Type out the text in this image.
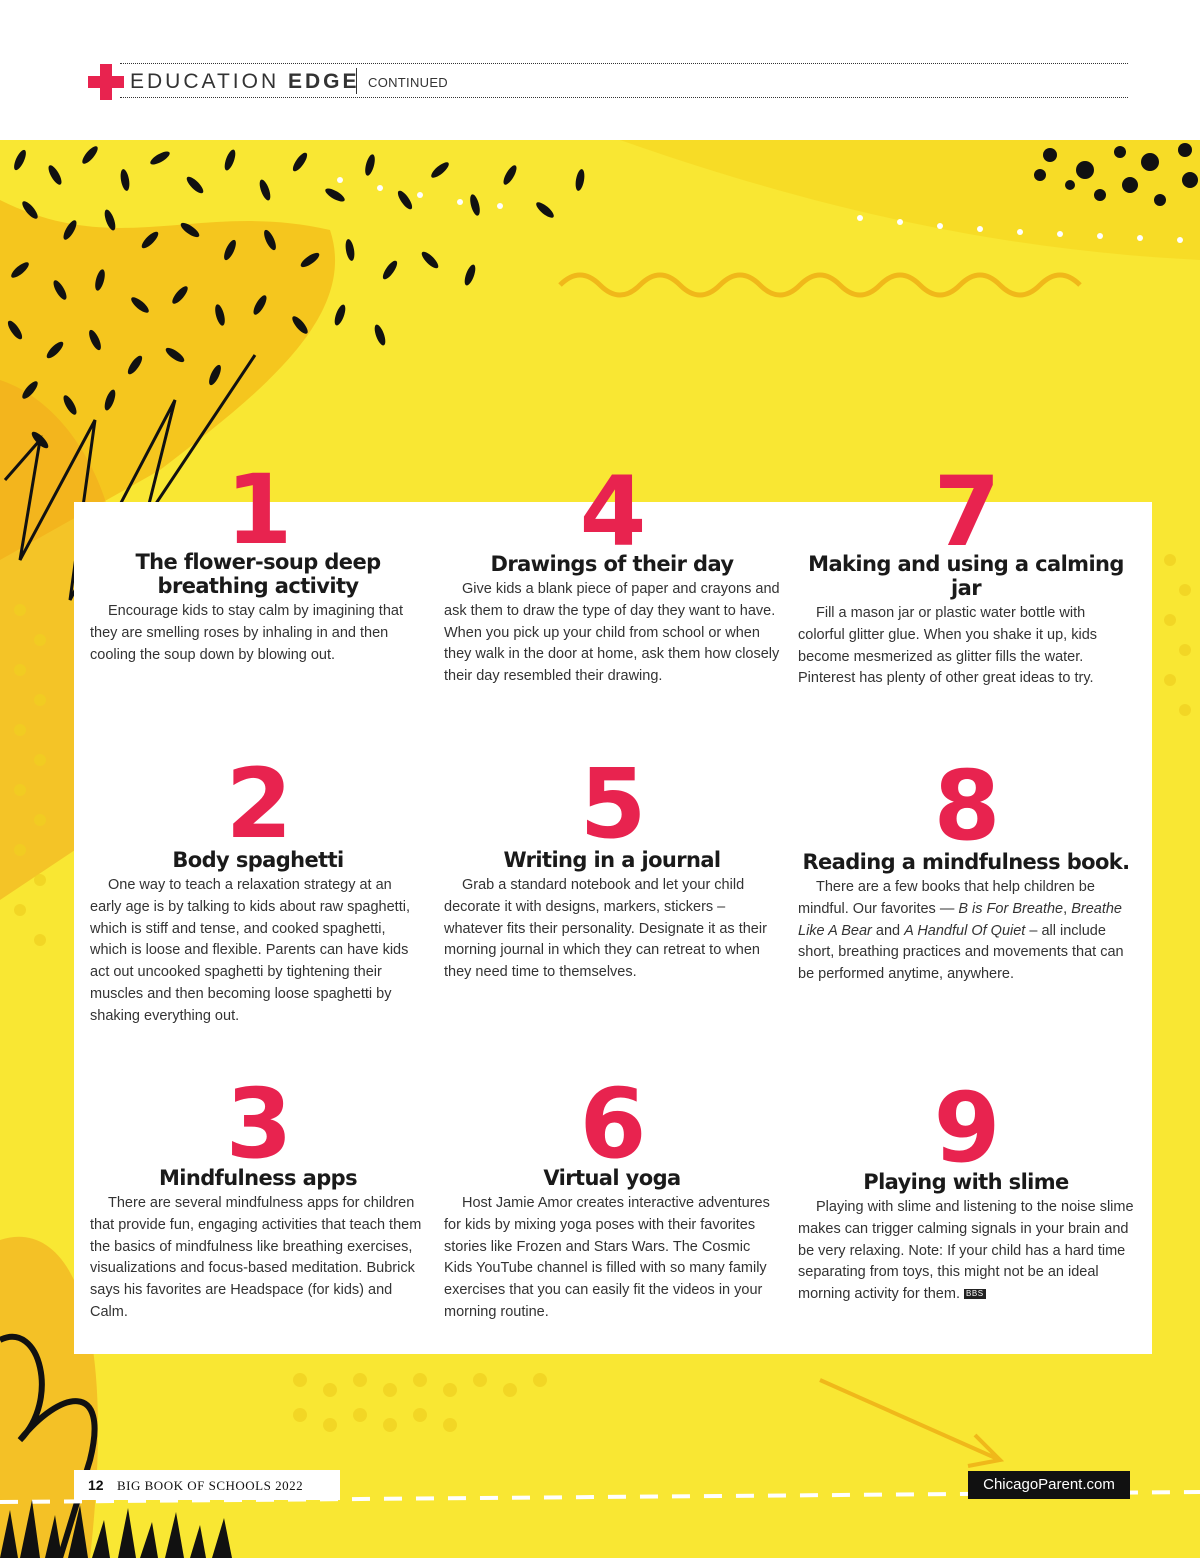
EDUCATION EDGE CONTINUED
1
The flower-soup deep breathing activity

Encourage kids to stay calm by imagining that they are smelling roses by inhaling in and then cooling the soup down by blowing out.

2
Body spaghetti

One way to teach a relaxation strategy at an early age is by talking to kids about raw spaghetti, which is stiff and tense, and cooked spaghetti, which is loose and flexible. Parents can have kids act out uncooked spaghetti by tightening their muscles and then becoming loose spaghetti by shaking everything out.

3
Mindfulness apps

There are several mindfulness apps for children that provide fun, engaging activities that teach them the basics of mindfulness like breathing exercises, visualizations and focus-based meditation. Bubrick says his favorites are Headspace (for kids) and Calm.

4
Drawings of their day

Give kids a blank piece of paper and crayons and ask them to draw the type of day they want to have. When you pick up your child from school or when they walk in the door at home, ask them how closely their day resembled their drawing.

5
Writing in a journal

Grab a standard notebook and let your child decorate it with designs, markers, stickers – whatever fits their personality. Designate it as their morning journal in which they can retreat to when they need time to themselves.

6
Virtual yoga

Host Jamie Amor creates interactive adventures for kids by mixing yoga poses with their favorites stories like Frozen and Stars Wars. The Cosmic Kids YouTube channel is filled with so many family exercises that you can easily fit the videos in your morning routine.

7
Making and using a calming jar

Fill a mason jar or plastic water bottle with colorful glitter glue. When you shake it up, kids become mesmerized as glitter fills the water. Pinterest has plenty of other great ideas to try.

8
Reading a mindfulness book.

There are a few books that help children be mindful. Our favorites — B is For Breathe, Breathe Like A Bear and A Handful Of Quiet – all include short, breathing practices and movements that can be performed anytime, anywhere.

9
Playing with slime

Playing with slime and listening to the noise slime makes can trigger calming signals in your brain and be very relaxing. Note: If your child has a hard time separating from toys, this might not be an ideal morning activity for them. BBS

12 BIG BOOK OF SCHOOLS 2022	ChicagoParent.com
